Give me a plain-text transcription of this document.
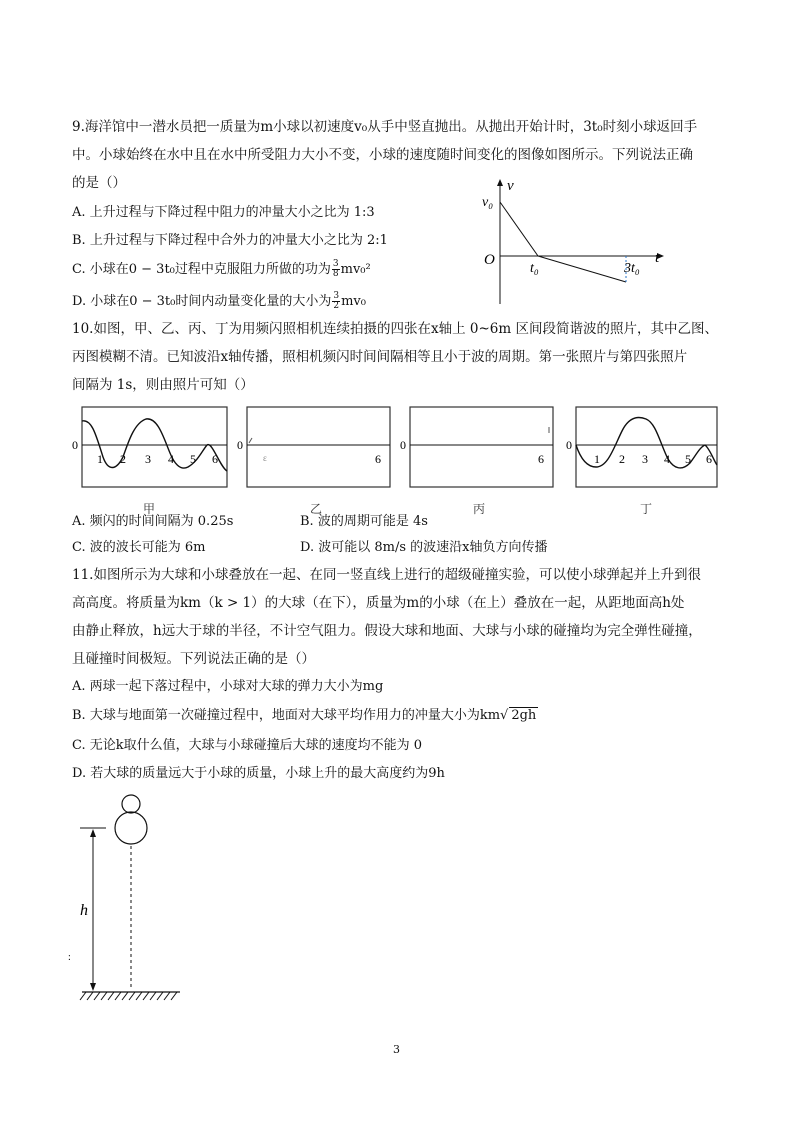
9.海洋馆中一潜水员把一质量为m小球以初速度v₀从手中竖直抛出。从抛出开始计时，3t₀时刻小球返回手
中。小球始终在水中且在水中所受阻力大小不变，小球的速度随时间变化的图像如图所示。下列说法正确
的是（）
A. 上升过程与下降过程中阻力的冲量大小之比为 1:3
B. 上升过程与下降过程中合外力的冲量大小之比为 2:1
C. 小球在0 − 3t₀过程中克服阻力所做的功为 $\frac{3}{8} mv_0^2$
D. 小球在0 − 3t₀时间内动量变化量的大小为 $\frac{3}{2} mv_0$
v
v₀
O
t₀	3t₀
t
10.如图，甲、乙、丙、丁为用频闪照相机连续拍摄的四张在x轴上 0~6m 区间段简谐波的照片，其中乙图、
丙图模糊不清。已知波沿x轴传播，照相机频闪时间间隔相等且小于波的周期。第一张照片与第四张照片
间隔为 1s，则由照片可知（）
0
1 2 3 4 5 6
0
ɛ	6
0
6
0
1 2 3 4 5 6
甲	乙	丙	丁
A. 频闪的时间间隔为 0.25s	B. 波的周期可能是 4s
C. 波的波长可能为 6m	D. 波可能以 8m/s 的波速沿x轴负方向传播
11.如图所示为大球和小球叠放在一起、在同一竖直线上进行的超级碰撞实验，可以使小球弹起并上升到很
高高度。将质量为km（k > 1）的大球（在下），质量为m的小球（在上）叠放在一起，从距地面高h处
由静止释放，h远大于球的半径，不计空气阻力。假设大球和地面、大球与小球的碰撞均为完全弹性碰撞，
且碰撞时间极短。下列说法正确的是（）
A. 两球一起下落过程中，小球对大球的弹力大小为mg
B. 大球与地面第一次碰撞过程中，地面对大球平均作用力的冲量大小为km√ 2gh
C. 无论k取什么值，大球与小球碰撞后大球的速度均不能为 0
D. 若大球的质量远大于小球的质量，小球上升的最大高度约为9h
h
:
3
